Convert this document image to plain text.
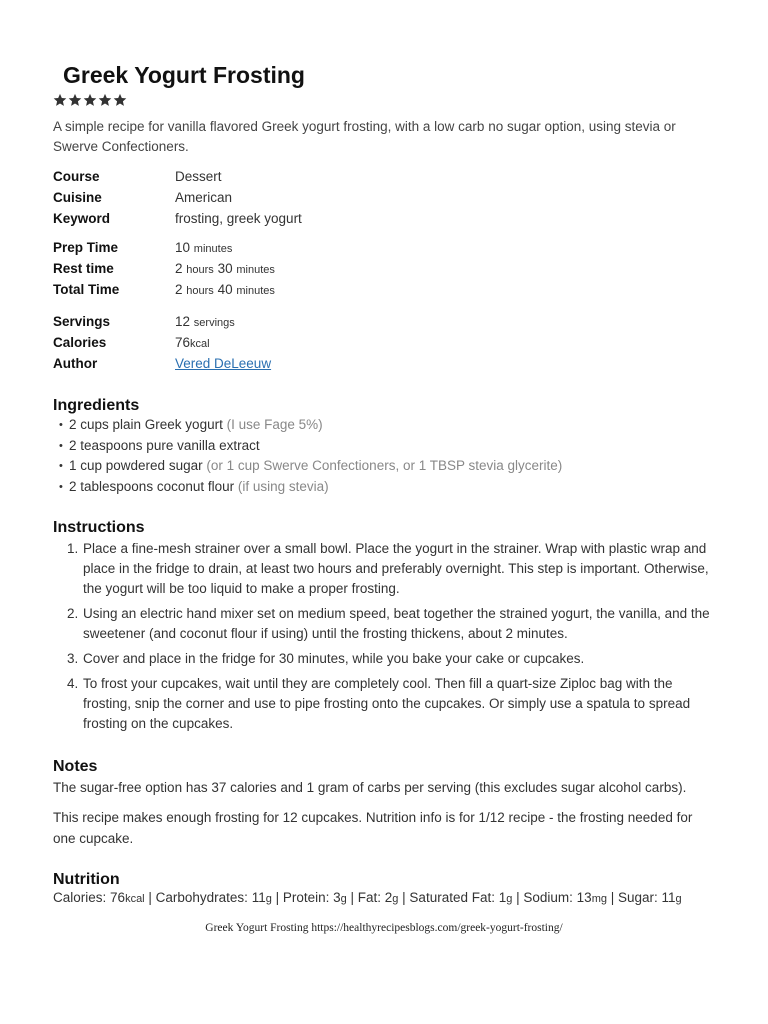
Greek Yogurt Frosting

A simple recipe for vanilla flavored Greek yogurt frosting, with a low carb no sugar option, using stevia or Swerve Confectioners.

Course	Dessert
Cuisine	American
Keyword	frosting, greek yogurt
Prep Time	10 minutes
Rest time	2 hours 30 minutes
Total Time	2 hours 40 minutes
Servings	12 servings
Calories	76kcal
Author	Vered DeLeeuw
Ingredients
• 2 cups plain Greek yogurt (I use Fage 5%)
• 2 teaspoons pure vanilla extract
• 1 cup powdered sugar (or 1 cup Swerve Confectioners, or 1 TBSP stevia glycerite)
• 2 tablespoons coconut flour (if using stevia)
Instructions
1. Place a fine-mesh strainer over a small bowl. Place the yogurt in the strainer. Wrap with plastic wrap and place in the fridge to drain, at least two hours and preferably overnight. This step is important. Otherwise, the yogurt will be too liquid to make a proper frosting.
2. Using an electric hand mixer set on medium speed, beat together the strained yogurt, the vanilla, and the sweetener (and coconut flour if using) until the frosting thickens, about 2 minutes.
3. Cover and place in the fridge for 30 minutes, while you bake your cake or cupcakes.
4. To frost your cupcakes, wait until they are completely cool. Then fill a quart-size Ziploc bag with the frosting, snip the corner and use to pipe frosting onto the cupcakes. Or simply use a spatula to spread frosting on the cupcakes.
Notes

The sugar-free option has 37 calories and 1 gram of carbs per serving (this excludes sugar alcohol carbs).

This recipe makes enough frosting for 12 cupcakes. Nutrition info is for 1/12 recipe - the frosting needed for one cupcake.

Nutrition
Calories: 76kcal | Carbohydrates: 11g | Protein: 3g | Fat: 2g | Saturated Fat: 1g | Sodium: 13mg | Sugar: 11g
Greek Yogurt Frosting https://healthyrecipesblogs.com/greek-yogurt-frosting/
